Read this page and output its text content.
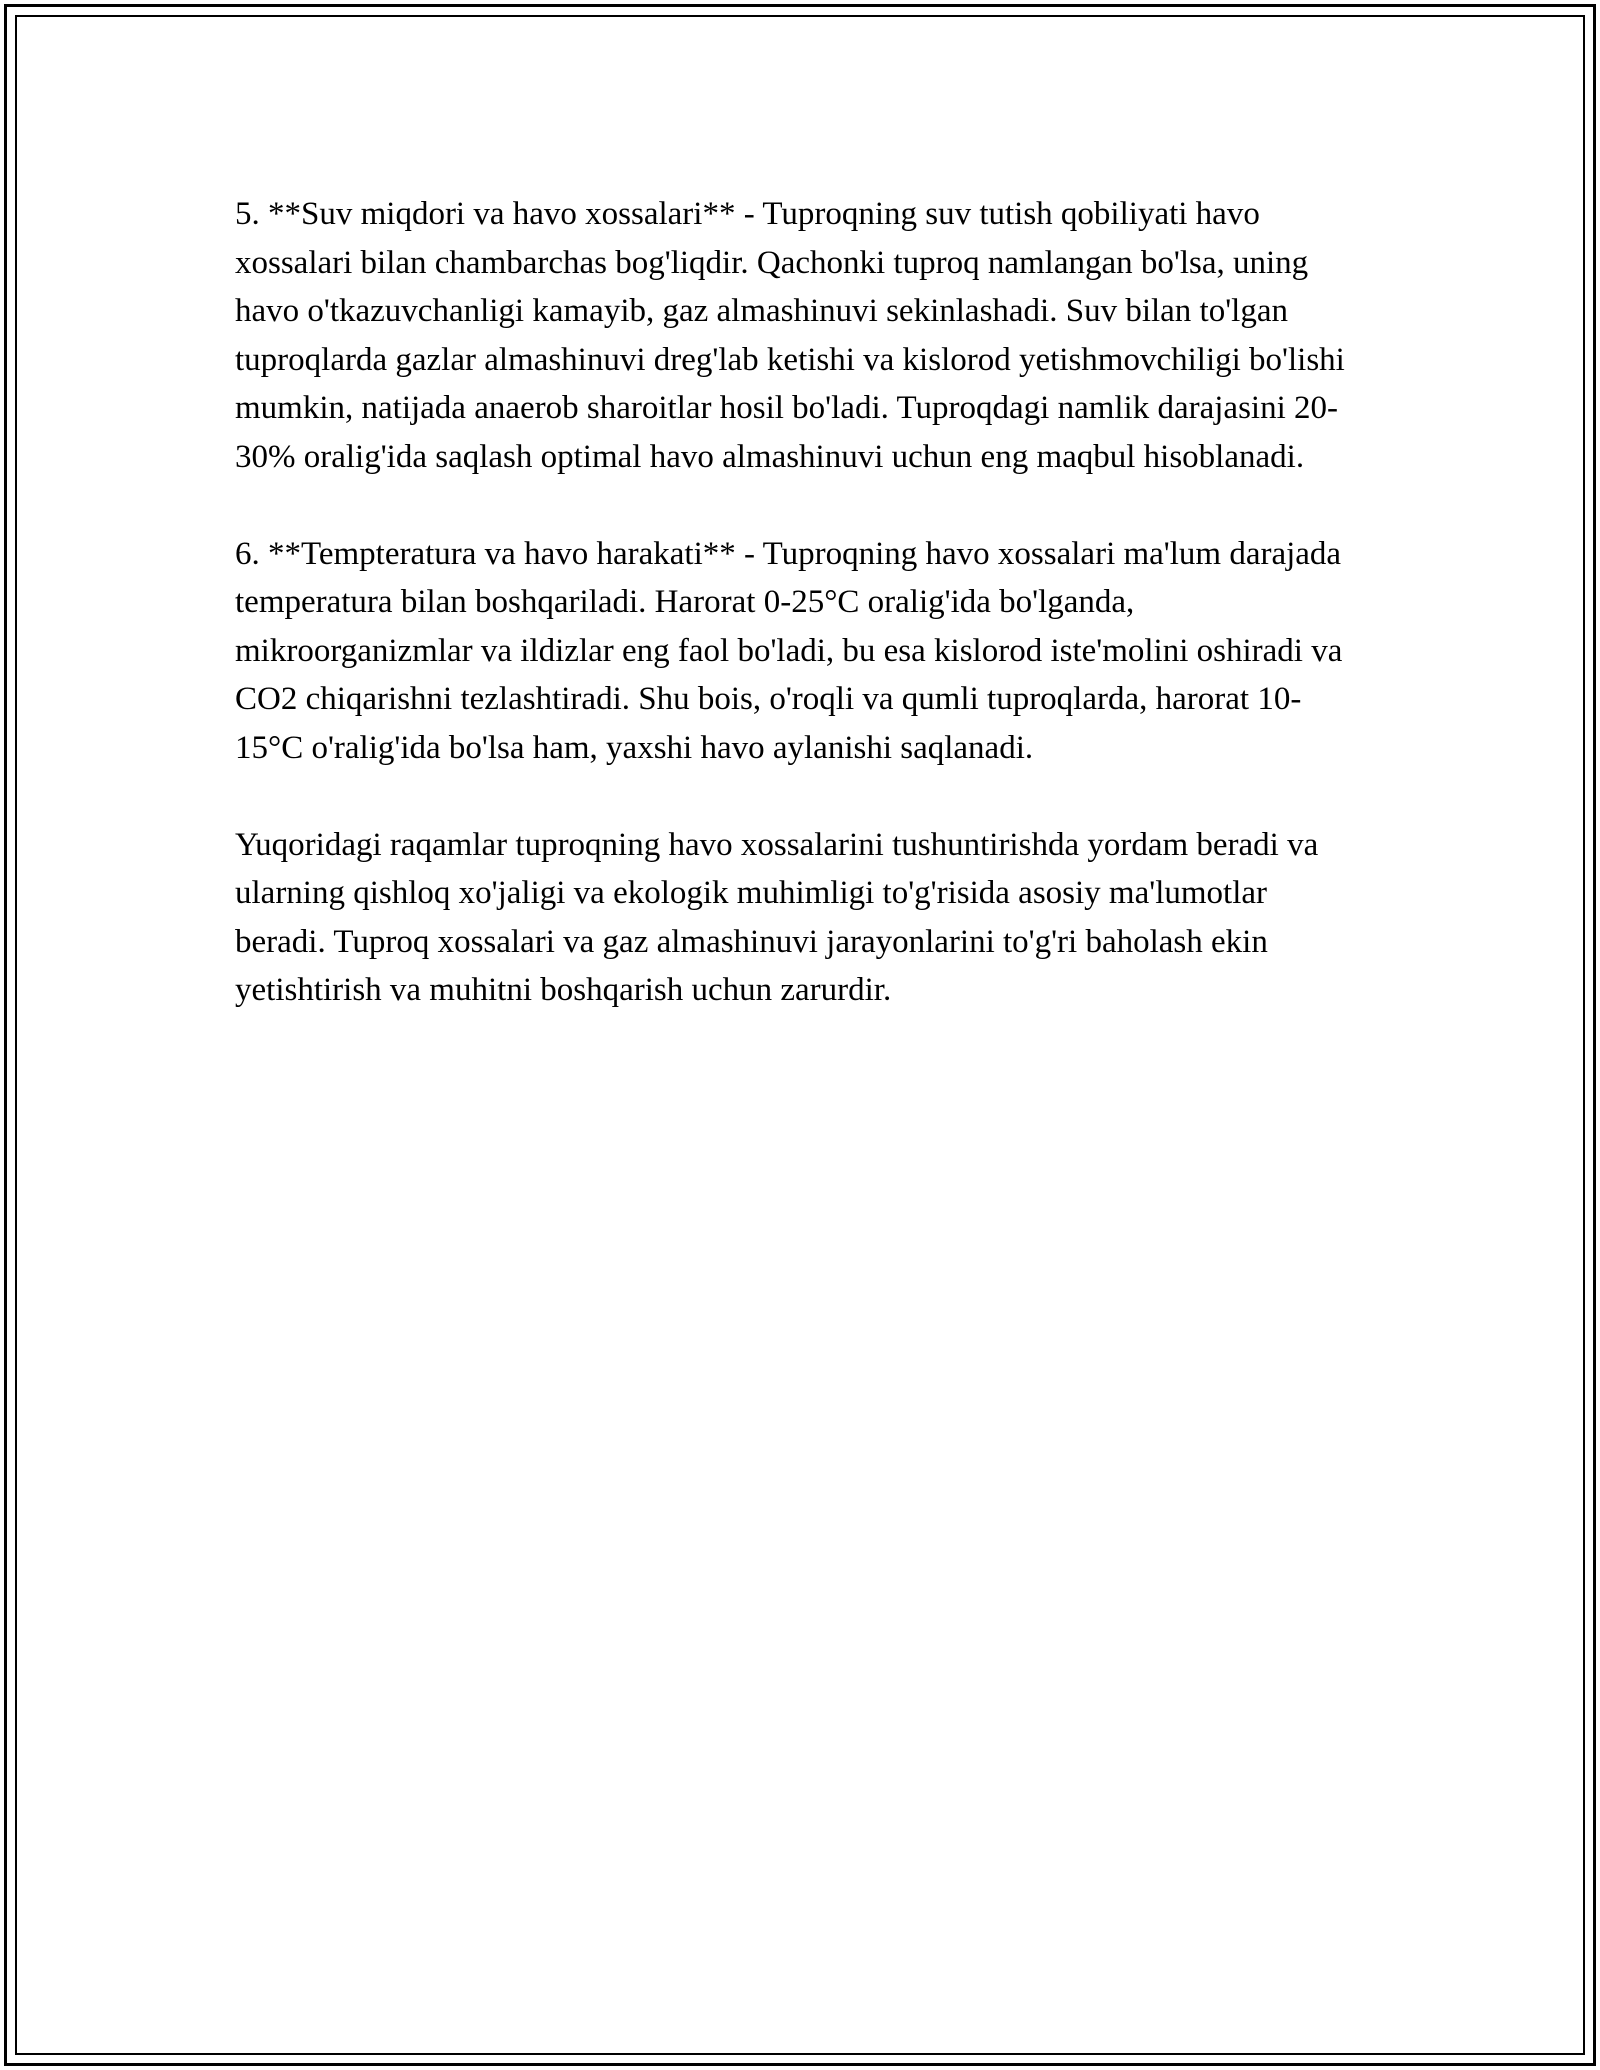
5. **Suv miqdori va havo xossalari** - Tuproqning suv tutish qobiliyati havo xossalari bilan chambarchas bog'liqdir. Qachonki tuproq namlangan bo'lsa, uning havo o'tkazuvchanligi kamayib, gaz almashinuvi sekinlashadi. Suv bilan to'lgan tuproqlarda gazlar almashinuvi dreg'lab ketishi va kislorod yetishmovchiligi bo'lishi mumkin, natijada anaerob sharoitlar hosil bo'ladi. Tuproqdagi namlik darajasini 20-30% oralig'ida saqlash optimal havo almashinuvi uchun eng maqbul hisoblanadi.

6. **Tempteratura va havo harakati** - Tuproqning havo xossalari ma'lum darajada temperatura bilan boshqariladi. Harorat 0-25°C oralig'ida bo'lganda, mikroorganizmlar va ildizlar eng faol bo'ladi, bu esa kislorod iste'molini oshiradi va CO2 chiqarishni tezlashtiradi. Shu bois, o'roqli va qumli tuproqlarda, harorat 10-15°C o'ralig'ida bo'lsa ham, yaxshi havo aylanishi saqlanadi.

Yuqoridagi raqamlar tuproqning havo xossalarini tushuntirishda yordam beradi va ularning qishloq xo'jaligi va ekologik muhimligi to'g'risida asosiy ma'lumotlar beradi. Tuproq xossalari va gaz almashinuvi jarayonlarini to'g'ri baholash ekin yetishtirish va muhitni boshqarish uchun zarurdir.
